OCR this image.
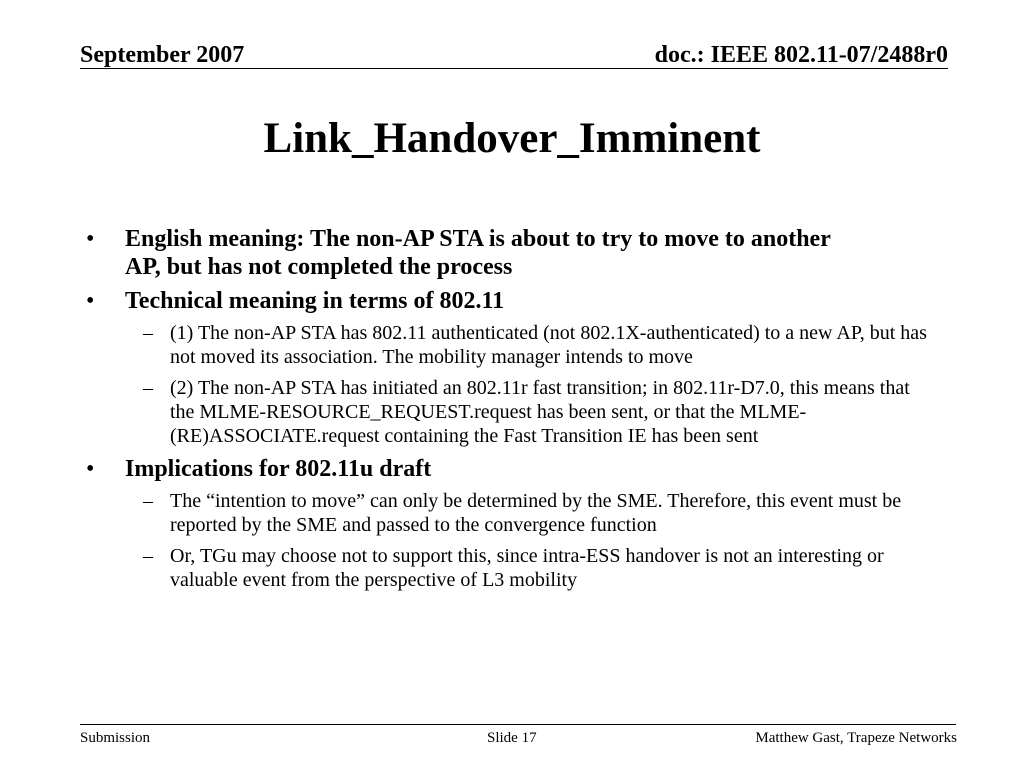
September 2007	doc.: IEEE 802.11-07/2488r0
Link_Handover_Imminent
• English meaning: The non-AP STA is about to try to move to another AP, but has not completed the process
• Technical meaning in terms of 802.11
– (1) The non-AP STA has 802.11 authenticated (not 802.1X-authenticated) to a new AP, but has not moved its association. The mobility manager intends to move
– (2) The non-AP STA has initiated an 802.11r fast transition; in 802.11r-D7.0, this means that the MLME-RESOURCE_REQUEST.request has been sent, or that the MLME-(RE)ASSOCIATE.request containing the Fast Transition IE has been sent
• Implications for 802.11u draft
– The “intention to move” can only be determined by the SME. Therefore, this event must be reported by the SME and passed to the convergence function
– Or, TGu may choose not to support this, since intra-ESS handover is not an interesting or valuable event from the perspective of L3 mobility
Submission	Slide 17	Matthew Gast, Trapeze Networks
